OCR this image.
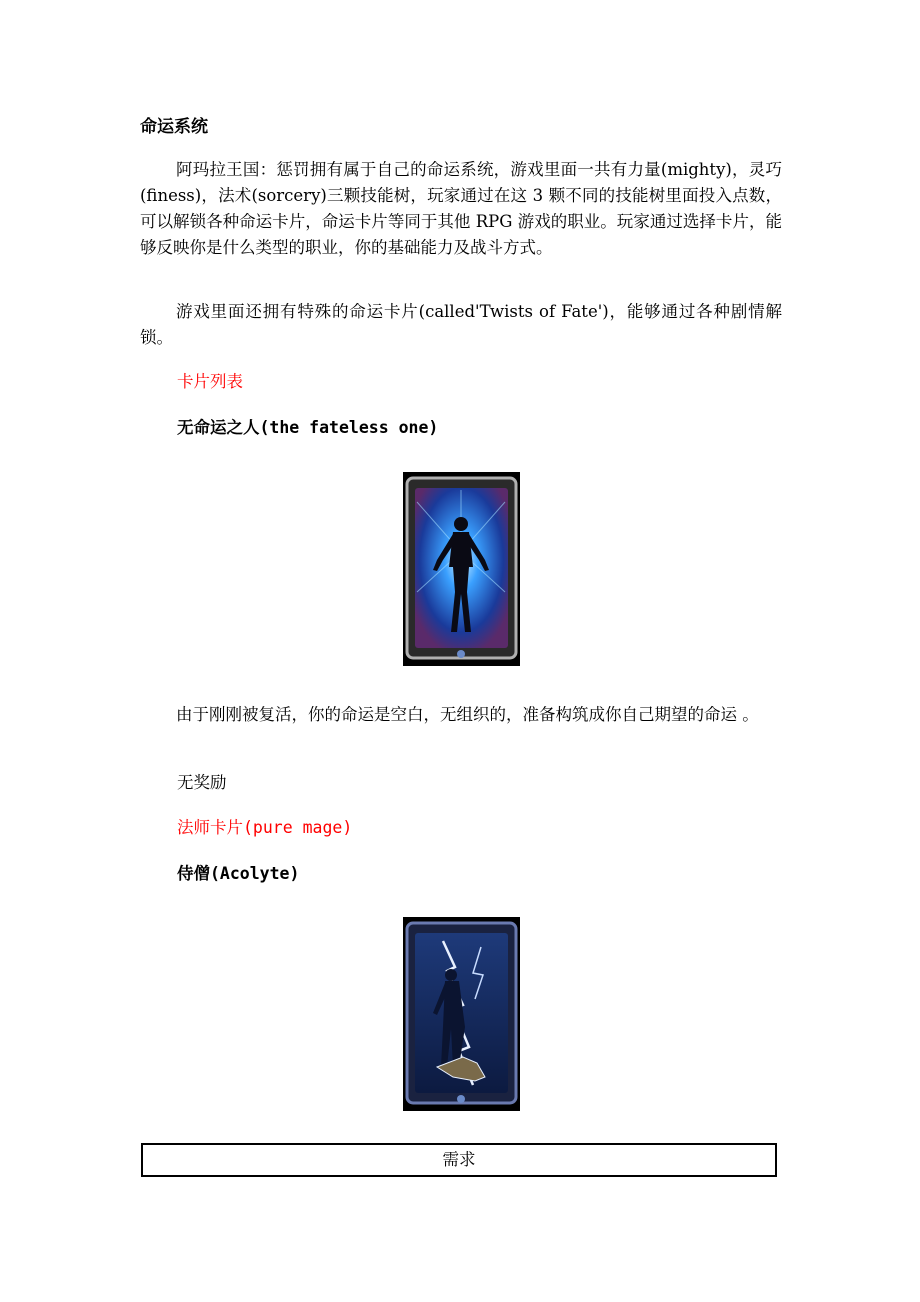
命运系统
阿玛拉王国：惩罚拥有属于自己的命运系统，游戏里面一共有力量(mighty)，灵巧(finess)，法术(sorcery)三颗技能树，玩家通过在这 3 颗不同的技能树里面投入点数，可以解锁各种命运卡片，命运卡片等同于其他 RPG 游戏的职业。玩家通过选择卡片，能够反映你是什么类型的职业，你的基础能力及战斗方式。
游戏里面还拥有特殊的命运卡片(called'Twists of Fate')，能够通过各种剧情解锁。
卡片列表
无命运之人(the fateless one)
由于刚刚被复活，你的命运是空白，无组织的，准备构筑成你自己期望的命运 。
无奖励
法师卡片(pure mage)
侍僧(Acolyte)
需求
